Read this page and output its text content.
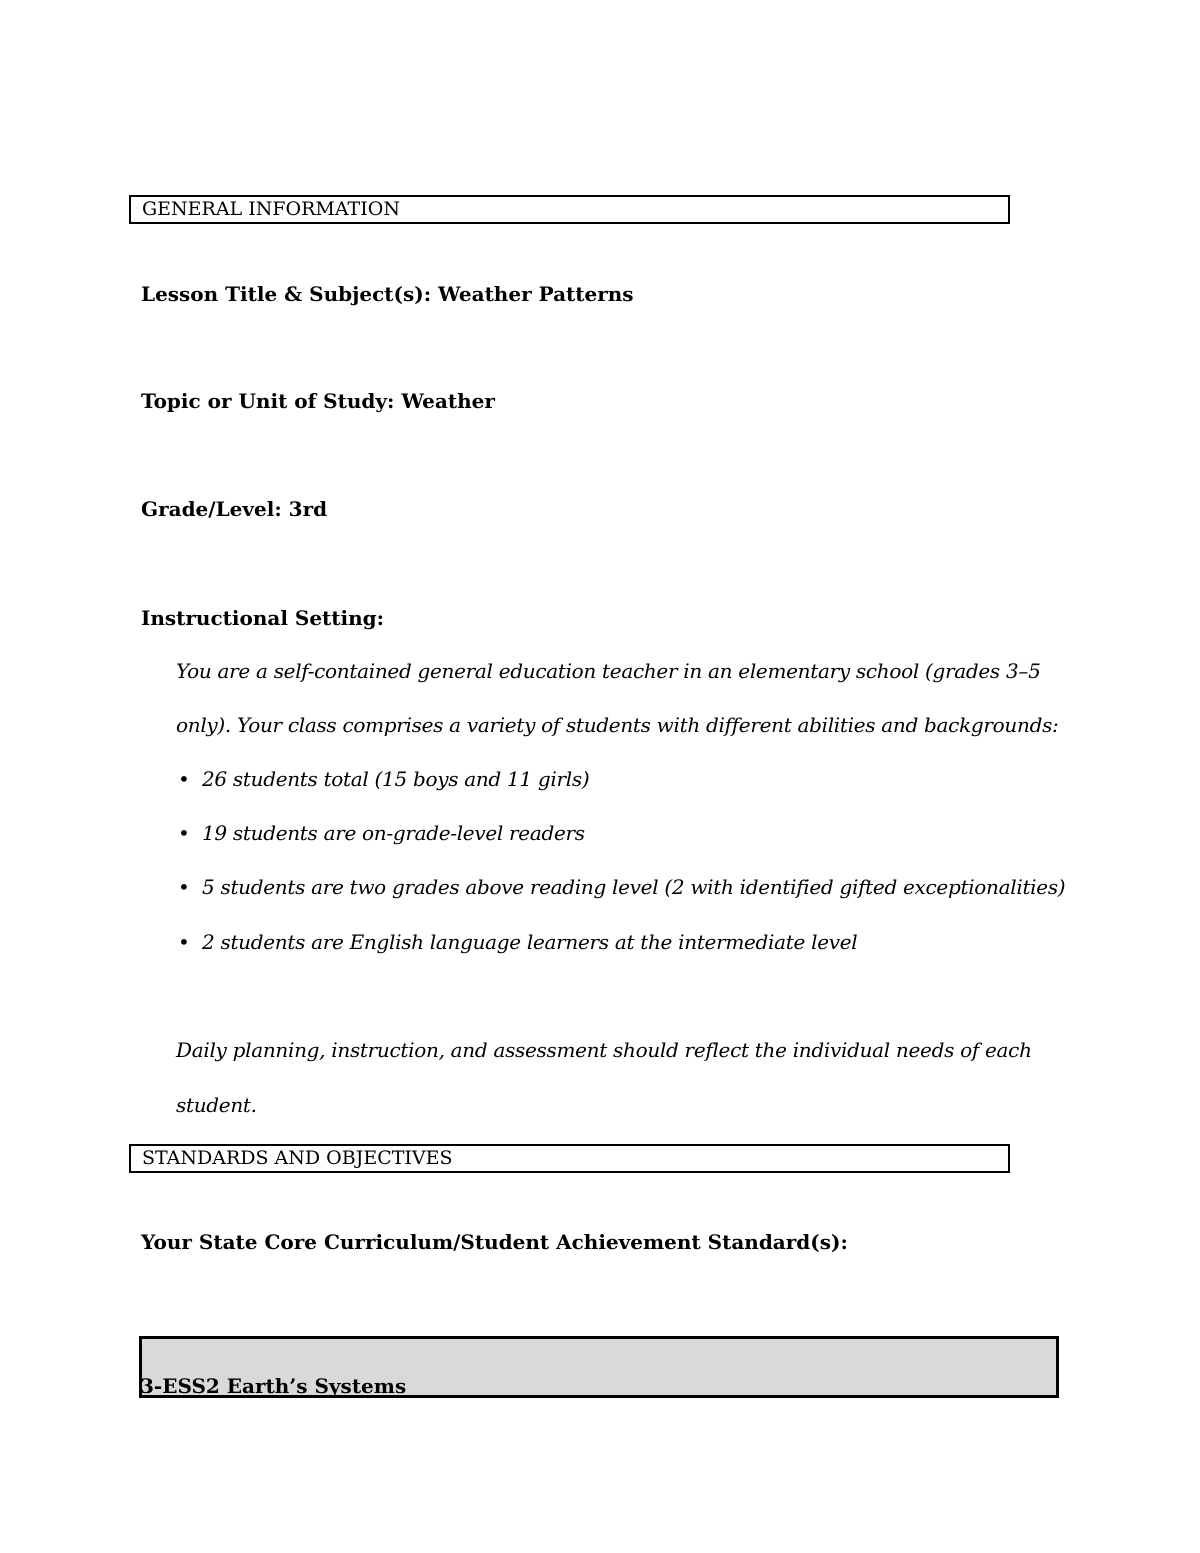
GENERAL INFORMATION
Lesson Title & Subject(s): Weather Patterns
Topic or Unit of Study: Weather
Grade/Level: 3rd
Instructional Setting:
You are a self-contained general education teacher in an elementary school (grades 3–5
only). Your class comprises a variety of students with different abilities and backgrounds:
• 26 students total (15 boys and 11 girls)
• 19 students are on-grade-level readers
• 5 students are two grades above reading level (2 with identified gifted exceptionalities)
• 2 students are English language learners at the intermediate level
Daily planning, instruction, and assessment should reflect the individual needs of each
student.
STANDARDS AND OBJECTIVES
Your State Core Curriculum/Student Achievement Standard(s):
3-ESS2 Earth’s Systems
